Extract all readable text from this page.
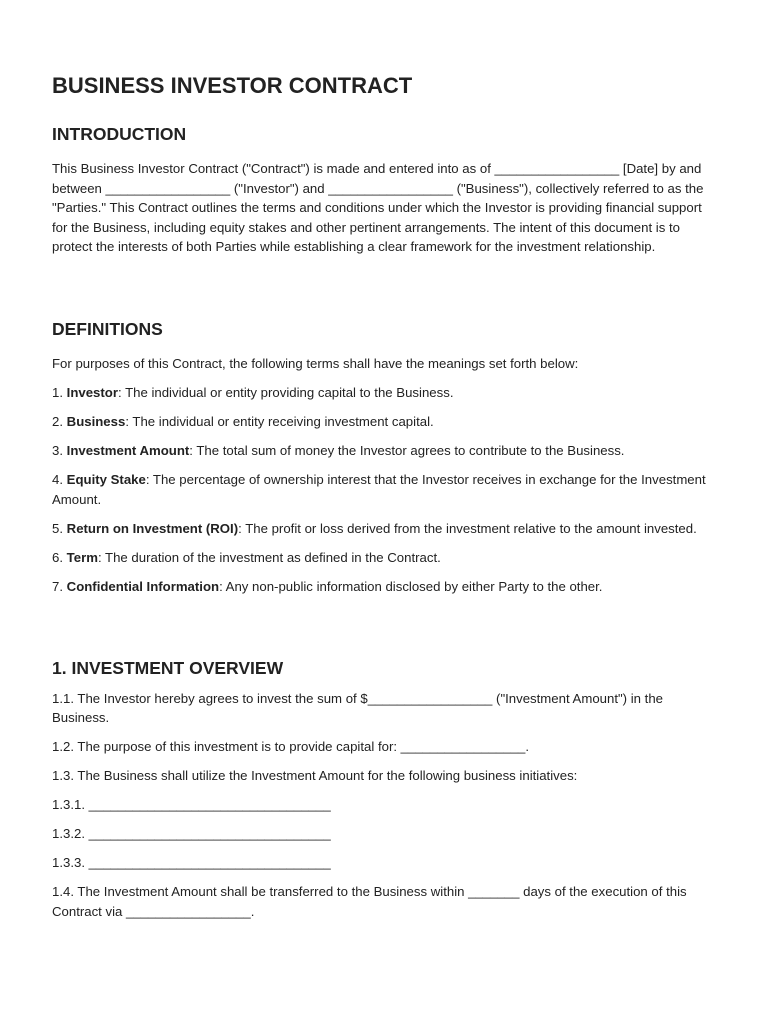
BUSINESS INVESTOR CONTRACT
INTRODUCTION

This Business Investor Contract ("Contract") is made and entered into as of _________________ [Date] by and between _________________ ("Investor") and _________________ ("Business"), collectively referred to as the "Parties." This Contract outlines the terms and conditions under which the Investor is providing financial support for the Business, including equity stakes and other pertinent arrangements. The intent of this document is to protect the interests of both Parties while establishing a clear framework for the investment relationship.

DEFINITIONS

For purposes of this Contract, the following terms shall have the meanings set forth below:

1. Investor: The individual or entity providing capital to the Business.

2. Business: The individual or entity receiving investment capital.

3. Investment Amount: The total sum of money the Investor agrees to contribute to the Business.

4. Equity Stake: The percentage of ownership interest that the Investor receives in exchange for the Investment Amount.

5. Return on Investment (ROI): The profit or loss derived from the investment relative to the amount invested.

6. Term: The duration of the investment as defined in the Contract.

7. Confidential Information: Any non-public information disclosed by either Party to the other.

1. INVESTMENT OVERVIEW

1.1. The Investor hereby agrees to invest the sum of $_________________ ("Investment Amount") in the Business.

1.2. The purpose of this investment is to provide capital for: _________________.

1.3. The Business shall utilize the Investment Amount for the following business initiatives:

1.3.1. _________________________________

1.3.2. _________________________________

1.3.3. _________________________________

1.4. The Investment Amount shall be transferred to the Business within _______ days of the execution of this Contract via _________________.
